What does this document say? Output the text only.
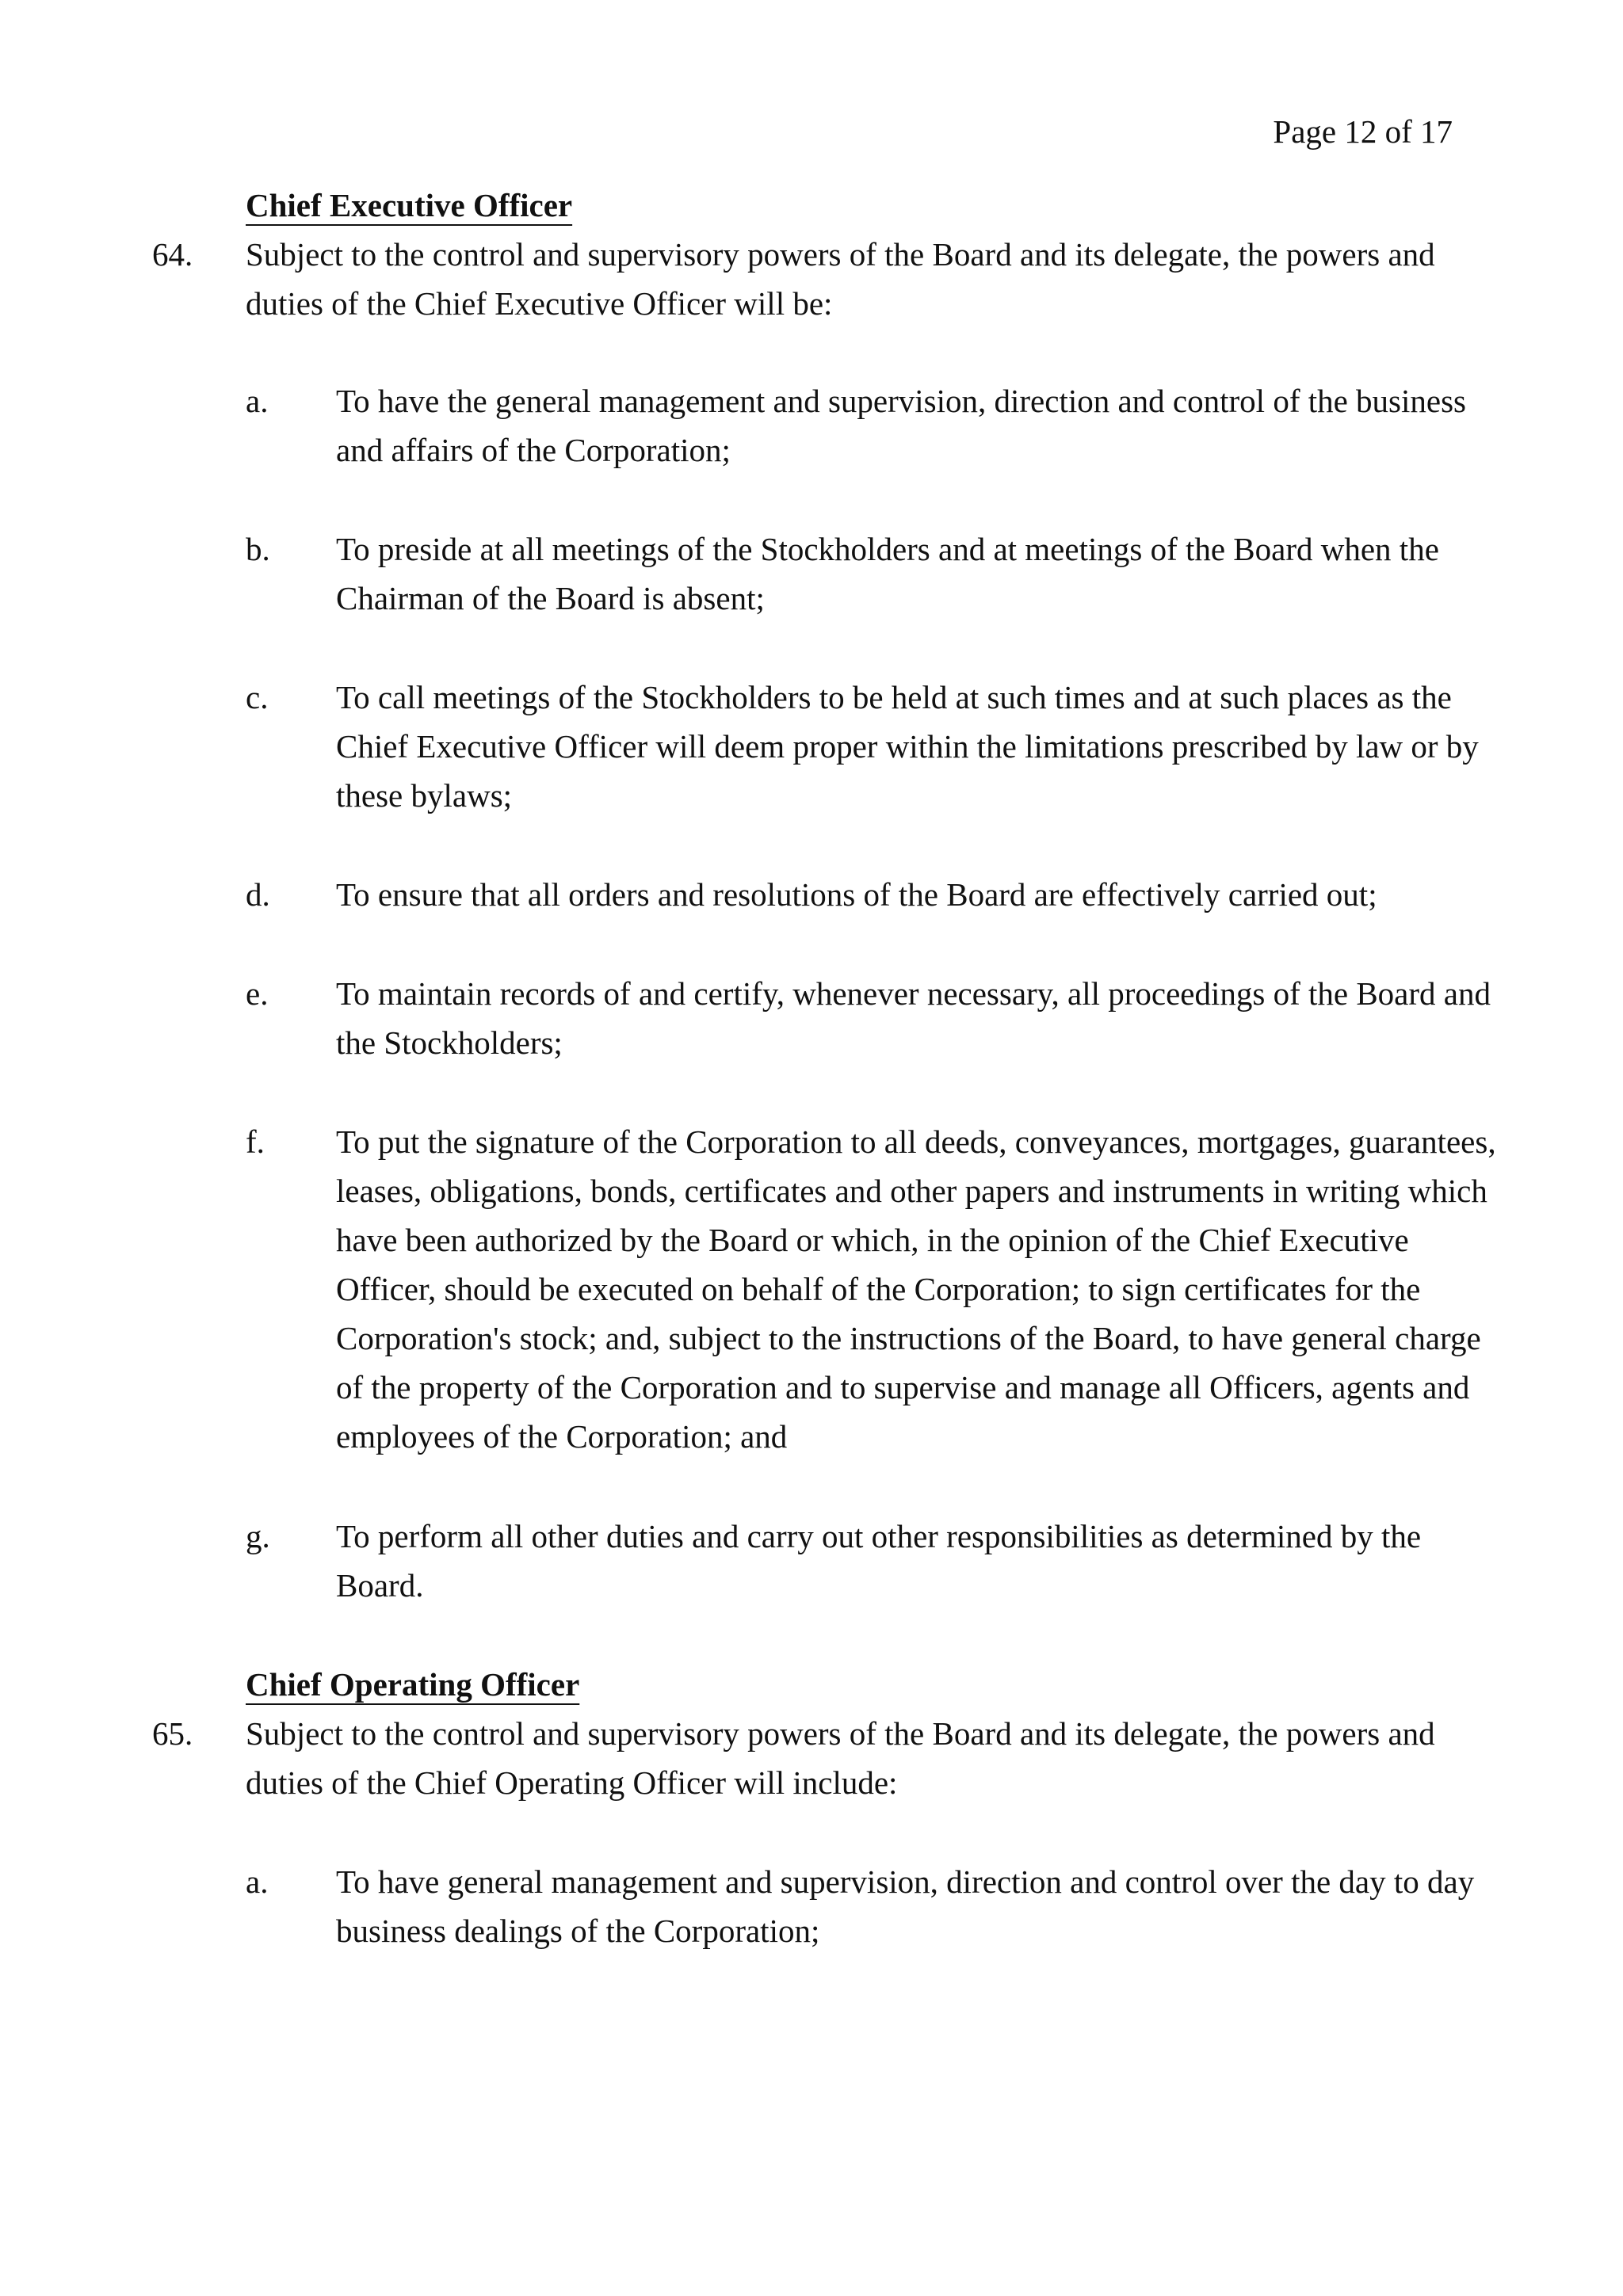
Page 12 of 17

Chief Executive Officer

64. Subject to the control and supervisory powers of the Board and its delegate, the powers and duties of the Chief Executive Officer will be:
a. To have the general management and supervision, direction and control of the business and affairs of the Corporation;
b. To preside at all meetings of the Stockholders and at meetings of the Board when the Chairman of the Board is absent;
c. To call meetings of the Stockholders to be held at such times and at such places as the Chief Executive Officer will deem proper within the limitations prescribed by law or by these bylaws;
d. To ensure that all orders and resolutions of the Board are effectively carried out;
e. To maintain records of and certify, whenever necessary, all proceedings of the Board and the Stockholders;
f. To put the signature of the Corporation to all deeds, conveyances, mortgages, guarantees, leases, obligations, bonds, certificates and other papers and instruments in writing which have been authorized by the Board or which, in the opinion of the Chief Executive Officer, should be executed on behalf of the Corporation; to sign certificates for the Corporation's stock; and, subject to the instructions of the Board, to have general charge of the property of the Corporation and to supervise and manage all Officers, agents and employees of the Corporation; and
g. To perform all other duties and carry out other responsibilities as determined by the Board.

Chief Operating Officer

65. Subject to the control and supervisory powers of the Board and its delegate, the powers and duties of the Chief Operating Officer will include:
a. To have general management and supervision, direction and control over the day to day business dealings of the Corporation;
